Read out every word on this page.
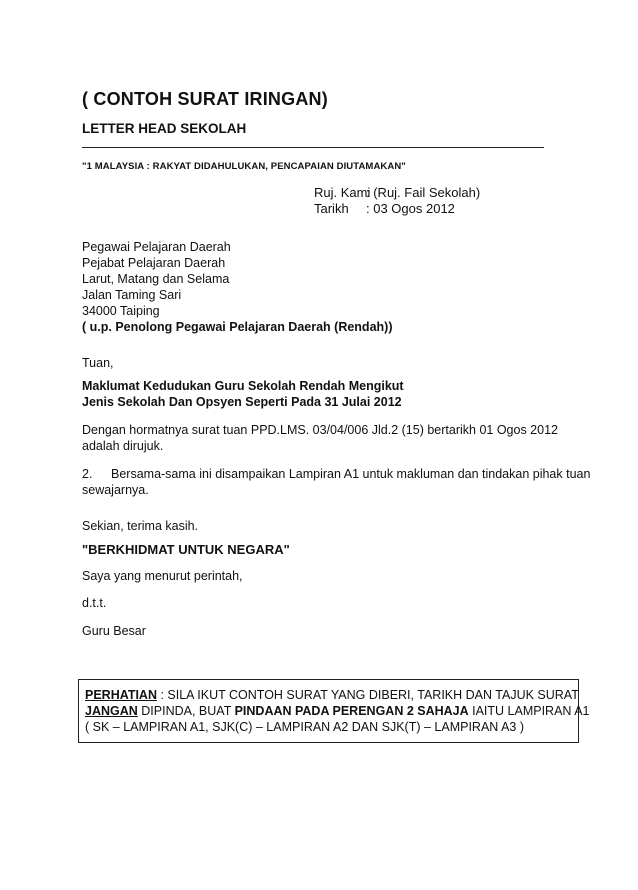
( CONTOH SURAT IRINGAN)
LETTER HEAD SEKOLAH
"1 MALAYSIA : RAKYAT DIDAHULUKAN, PENCAPAIAN DIUTAMAKAN"
Ruj. Kami: (Ruj. Fail Sekolah)
Tarikh : 03 Ogos 2012
Pegawai Pelajaran Daerah
Pejabat Pelajaran Daerah
Larut, Matang dan Selama
Jalan Taming Sari
34000 Taiping
( u.p. Penolong Pegawai Pelajaran Daerah (Rendah))
Tuan,
Maklumat Kedudukan Guru Sekolah Rendah Mengikut
Jenis Sekolah Dan Opsyen Seperti Pada 31 Julai 2012
Dengan hormatnya surat tuan PPD.LMS. 03/04/006 Jld.2 (15) bertarikh 01 Ogos 2012
adalah dirujuk.
2. Bersama-sama ini disampaikan Lampiran A1 untuk makluman dan tindakan pihak tuan
sewajarnya.
Sekian, terima kasih.
"BERKHIDMAT UNTUK NEGARA"
Saya yang menurut perintah,
d.t.t.
Guru Besar
PERHATIAN : SILA IKUT CONTOH SURAT YANG DIBERI, TARIKH DAN TAJUK SURAT
JANGAN DIPINDA, BUAT PINDAAN PADA PERENGAN 2 SAHAJA IAITU LAMPIRAN A1
( SK – LAMPIRAN A1, SJK(C) – LAMPIRAN A2 DAN SJK(T) – LAMPIRAN A3 )
